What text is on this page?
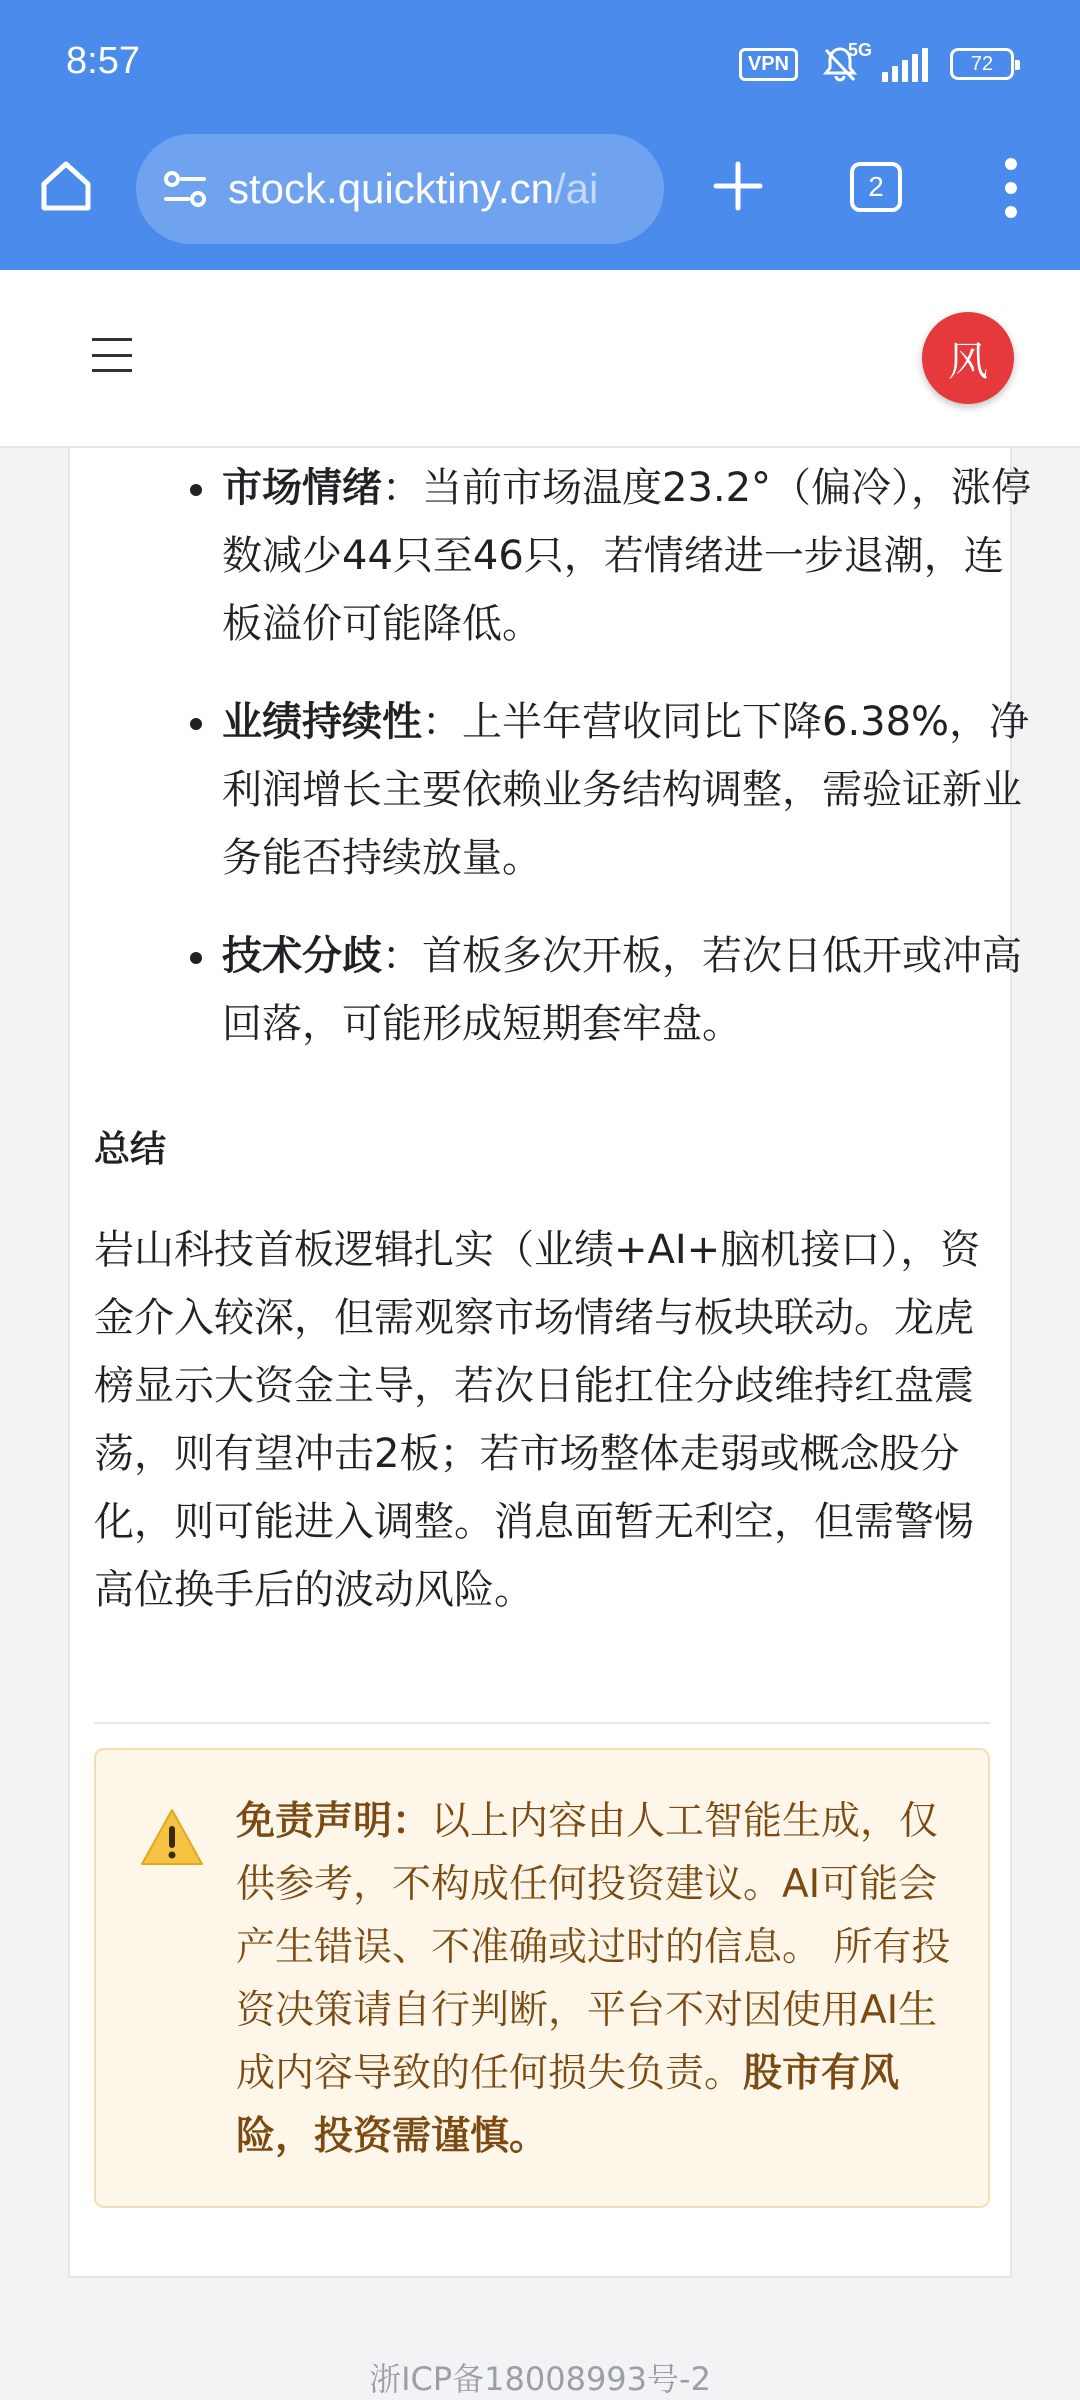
8:57	VPN
5G
72
stock.quicktiny.cn/ai	2
风
市场情绪：当前市场温度23.2°（偏冷），涨停数减少44只至46只，若情绪进一步退潮，连板溢价可能降低。
业绩持续性：上半年营收同比下降6.38%，净利润增长主要依赖业务结构调整，需验证新业务能否持续放量。
技术分歧：首板多次开板，若次日低开或冲高回落，可能形成短期套牢盘。
总结
岩山科技首板逻辑扎实（业绩+AI+脑机接口），资金介入较深，但需观察市场情绪与板块联动。龙虎榜显示大资金主导，若次日能扛住分歧维持红盘震荡，则有望冲击2板；若市场整体走弱或概念股分化，则可能进入调整。消息面暂无利空，但需警惕高位换手后的波动风险。
免责声明：以上内容由人工智能生成，仅供参考，不构成任何投资建议。AI可能会产生错误、不准确或过时的信息。 所有投资决策请自行判断，平台不对因使用AI生成内容导致的任何损失负责。股市有风险，投资需谨慎。
浙ICP备18008993号-2
